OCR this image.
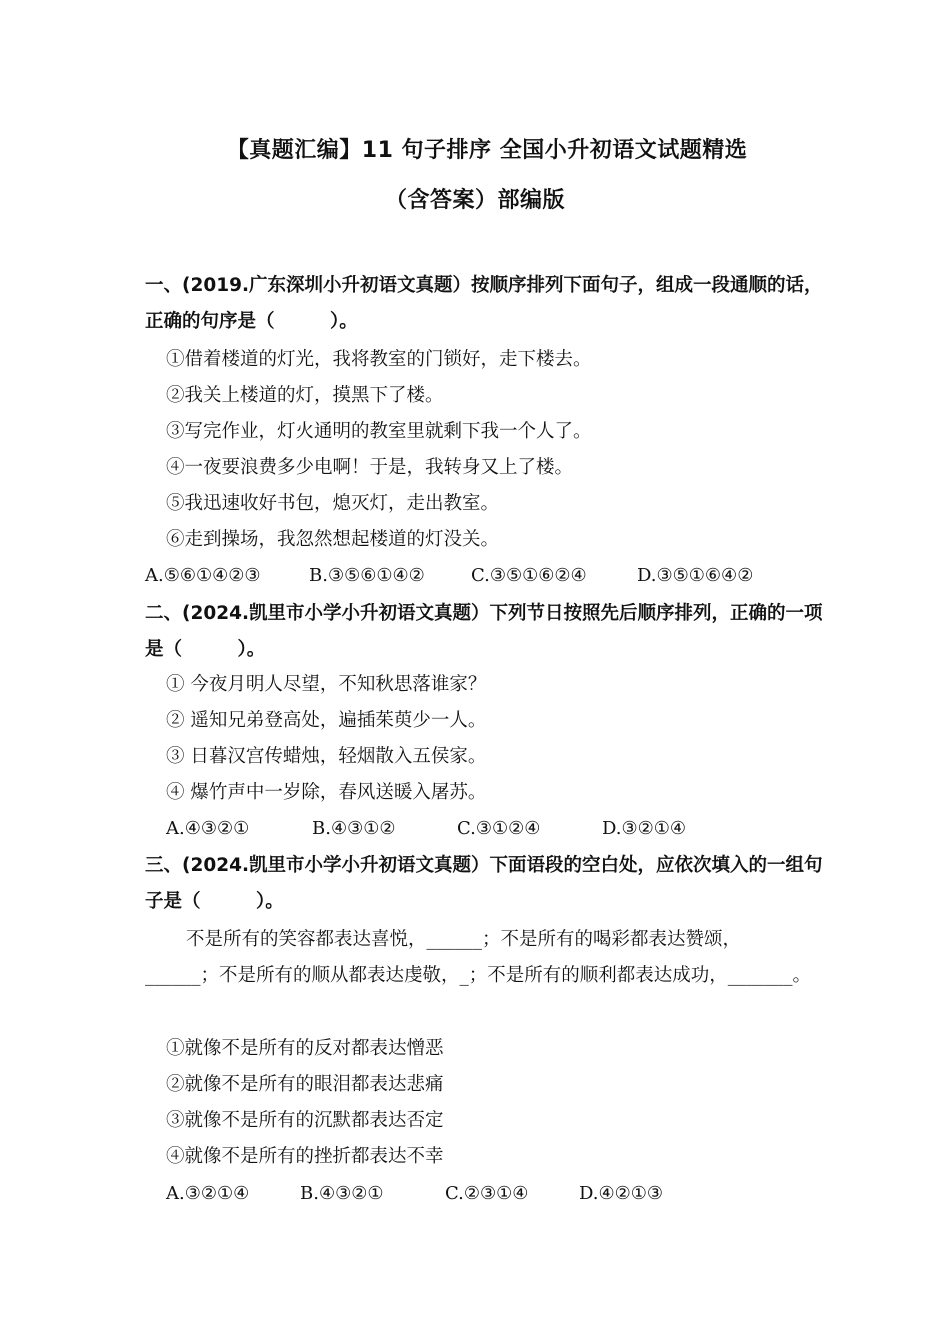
【真题汇编】11 句子排序 全国小升初语文试题精选
（含答案）部编版
一、(2019.广东深圳小升初语文真题）按顺序排列下面句子，组成一段通顺的话，正确的句序是（　　　）。
①借着楼道的灯光，我将教室的门锁好，走下楼去。
②我关上楼道的灯，摸黑下了楼。
③写完作业，灯火通明的教室里就剩下我一个人了。
④一夜要浪费多少电啊！于是，我转身又上了楼。
⑤我迅速收好书包，熄灭灯，走出教室。
⑥走到操场，我忽然想起楼道的灯没关。
A.⑤⑥①④②③	B.③⑤⑥①④②	C.③⑤①⑥②④	D.③⑤①⑥④②
二、(2024.凯里市小学小升初语文真题）下列节日按照先后顺序排列，正确的一项是（　　　）。
① 今夜月明人尽望，不知秋思落谁家？
② 遥知兄弟登高处，遍插茱萸少一人。
③ 日暮汉宫传蜡烛，轻烟散入五侯家。
④ 爆竹声中一岁除，春风送暖入屠苏。
A.④③②①	B.④③①②	C.③①②④	D.③②①④
三、(2024.凯里市小学小升初语文真题）下面语段的空白处，应依次填入的一组句子是（　　　）。
不是所有的笑容都表达喜悦，______；不是所有的喝彩都表达赞颂，______；不是所有的顺从都表达虔敬，_；不是所有的顺利都表达成功，_______。
①就像不是所有的反对都表达憎恶
②就像不是所有的眼泪都表达悲痛
③就像不是所有的沉默都表达否定
④就像不是所有的挫折都表达不幸
A.③②①④	B.④③②①	C.②③①④	D.④②①③
